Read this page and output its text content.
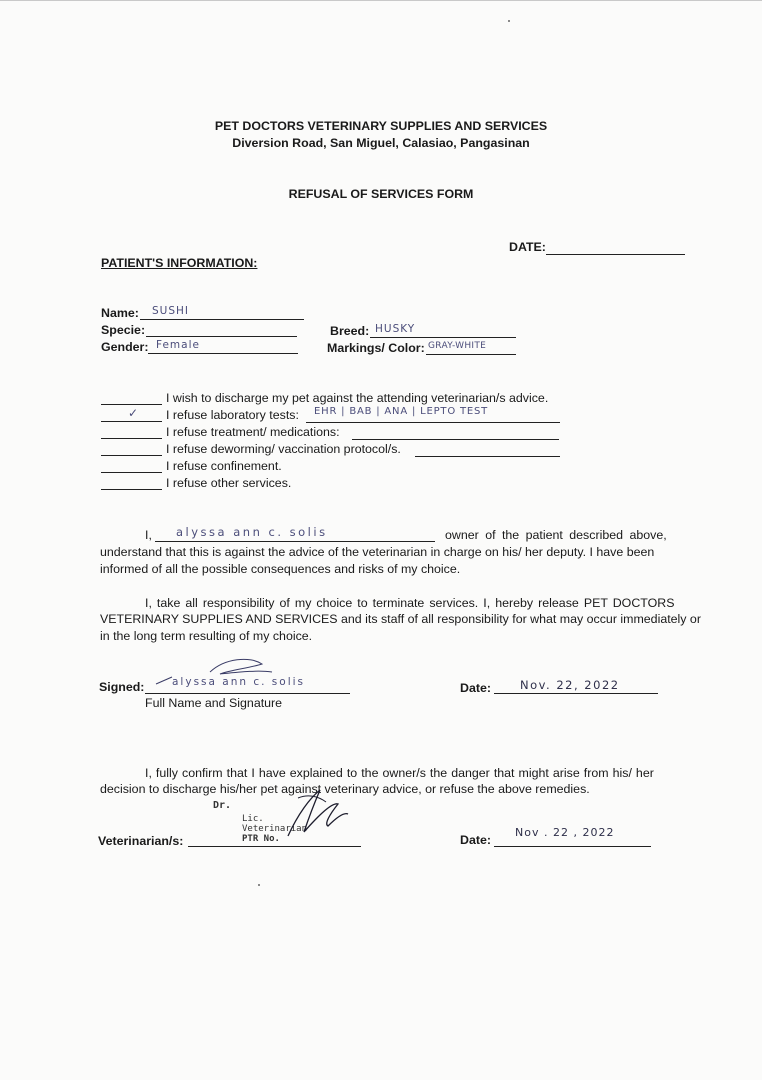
PET DOCTORS VETERINARY SUPPLIES AND SERVICES
Diversion Road, San Miguel, Calasiao, Pangasinan
REFUSAL OF SERVICES FORM
DATE:
PATIENT'S INFORMATION:
Name: SUSHI
Specie:
Gender: Female
Breed: HUSKY
Markings/ Color: GRAY-WHITE
I wish to discharge my pet against the attending veterinarian/s advice.
✓ I refuse laboratory tests: EHR | BAB | ANA | LEPTO TEST
I refuse treatment/ medications:
I refuse deworming/ vaccination protocol/s.
I refuse confinement.
I refuse other services.
I, alyssa ann c. solis	owner of the patient described above,
understand that this is against the advice of the veterinarian in charge on his/ her deputy. I have been
informed of all the possible consequences and risks of my choice.
I, take all responsibility of my choice to terminate services. I, hereby release PET DOCTORS
VETERINARY SUPPLIES AND SERVICES and its staff of all responsibility for what may occur immediately or
in the long term resulting of my choice.
Signed:	alyssa ann c. solis
Full Name and Signature
Date:	Nov. 22, 2022
I, fully confirm that I have explained to the owner/s the danger that might arise from his/ her
decision to discharge his/her pet against veterinary advice, or refuse the above remedies.
Veterinarian/s:
Dr.
Lic.
Veterinarian
PTR No.	Date:
Nov . 22 , 2022
